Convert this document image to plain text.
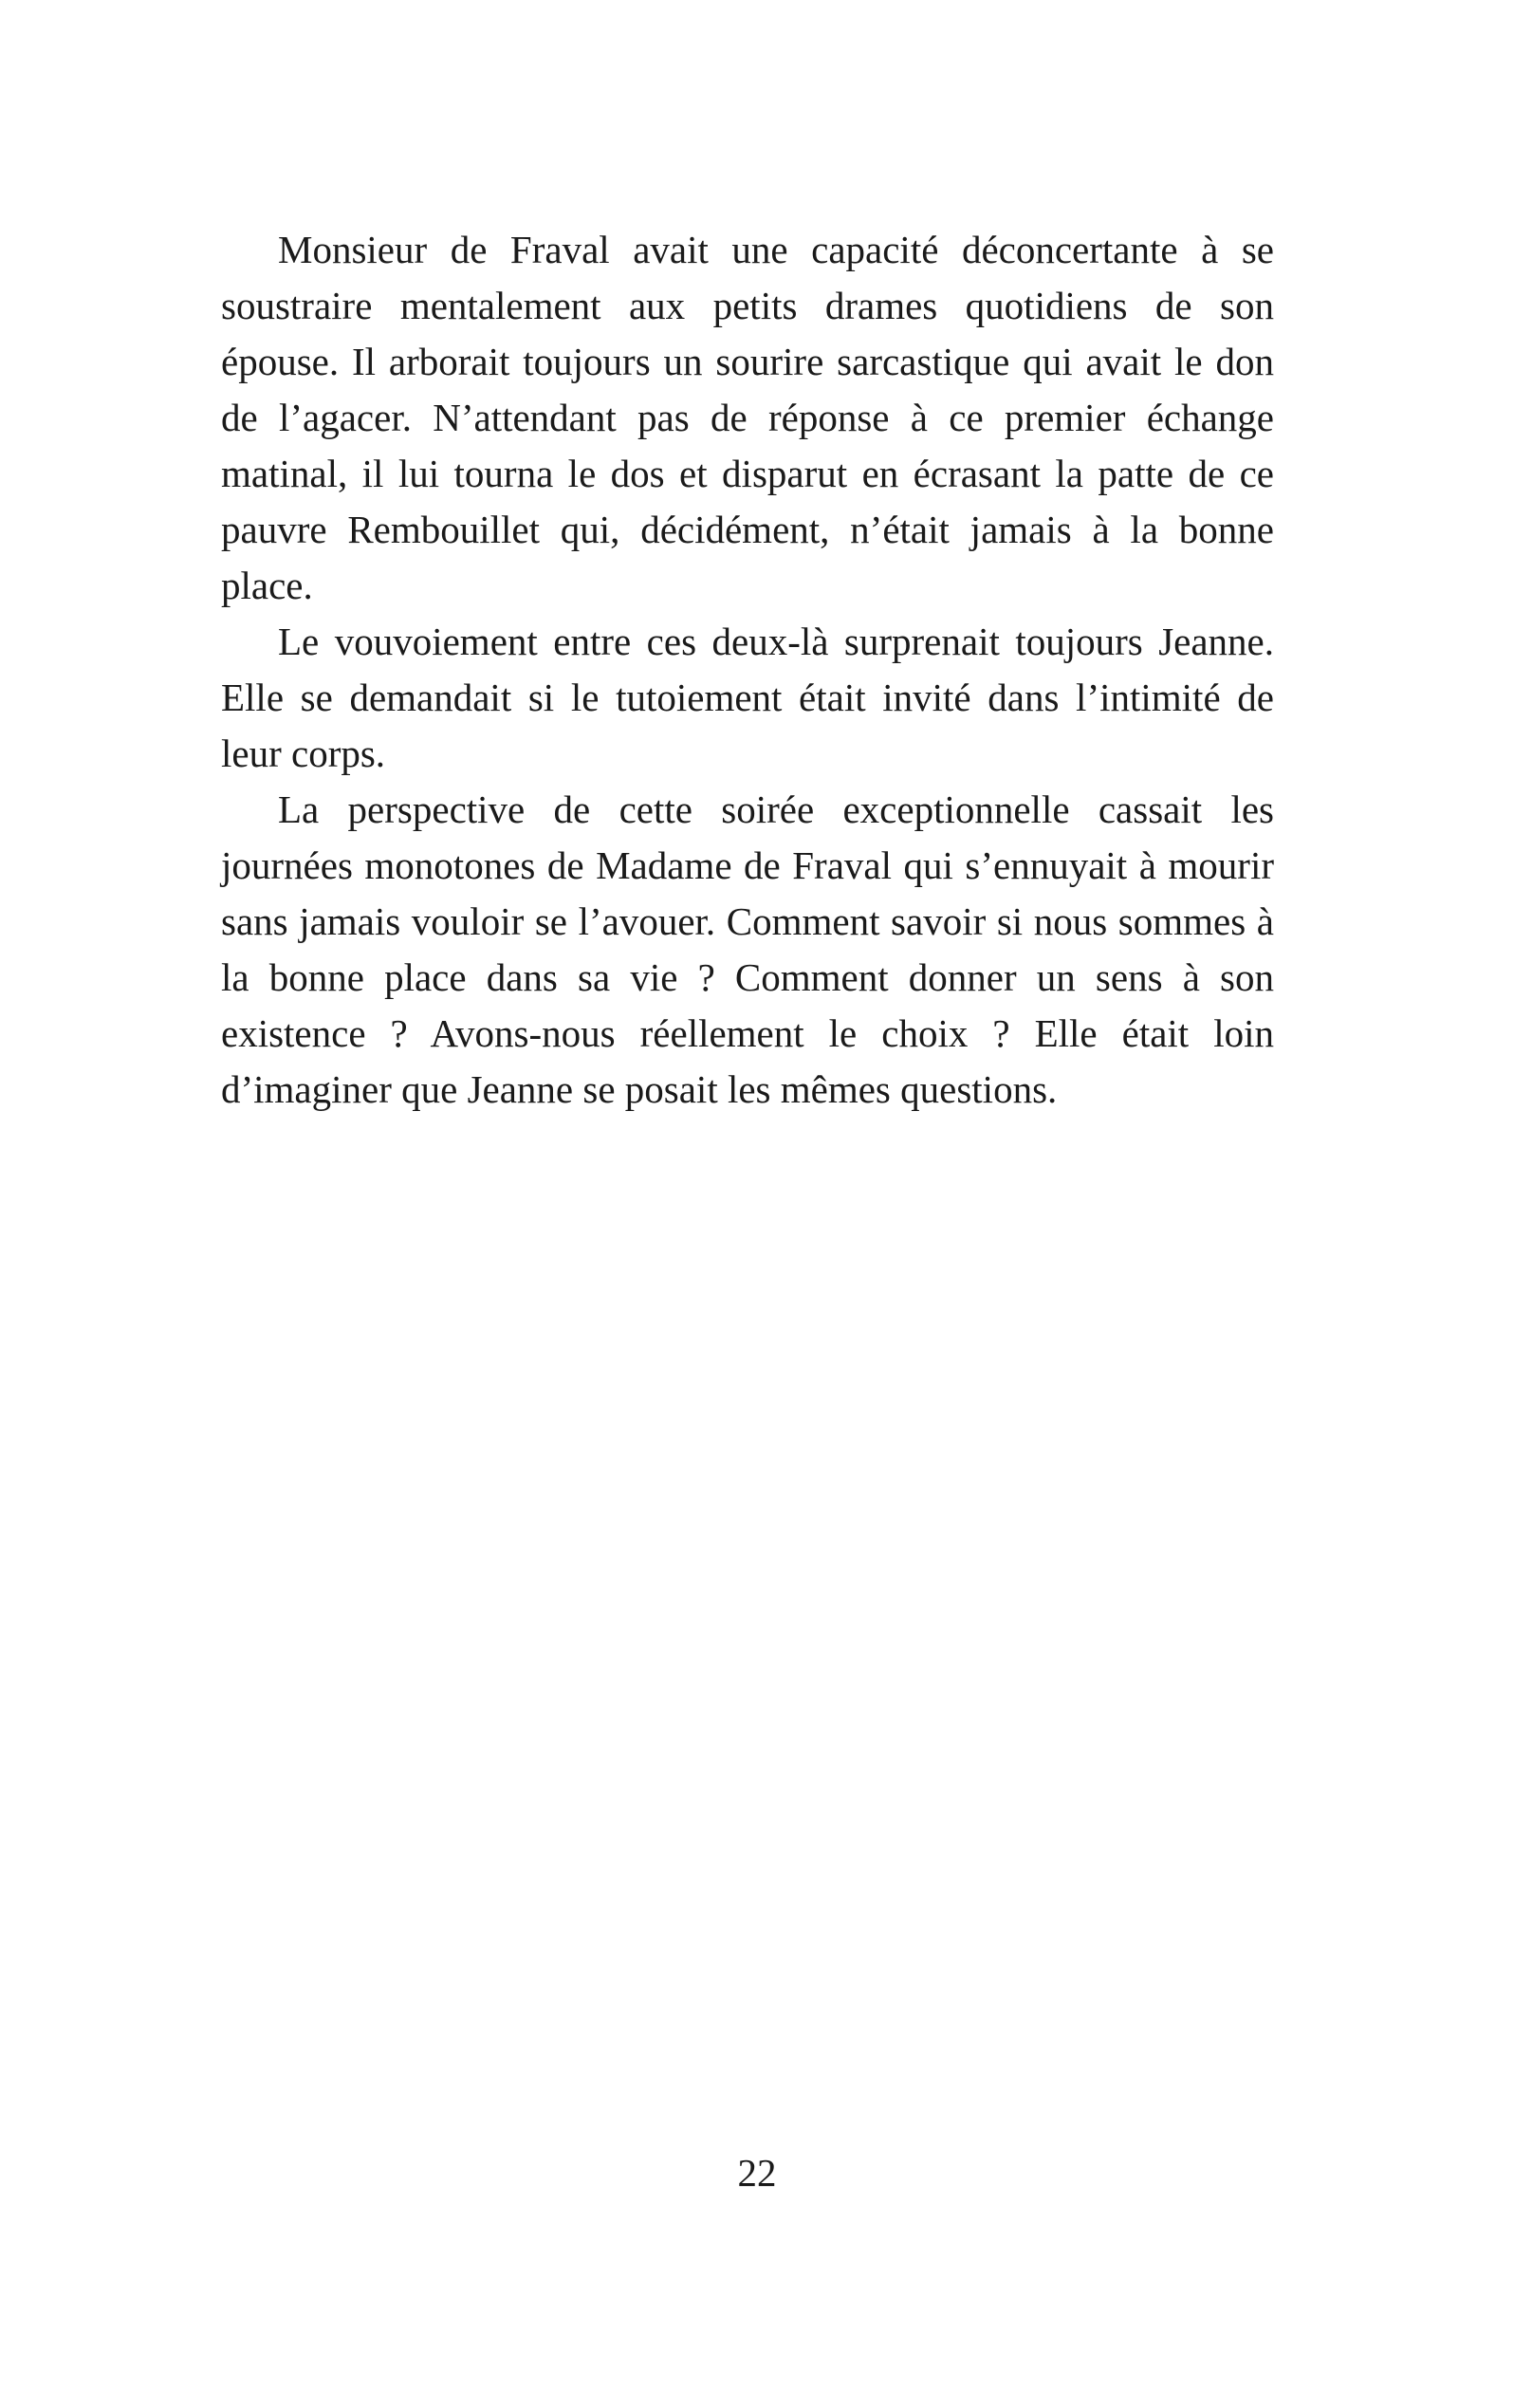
Monsieur de Fraval avait une capacité déconcertante à se soustraire mentalement aux petits drames quotidiens de son épouse. Il arborait toujours un sourire sarcastique qui avait le don de l’agacer. N’attendant pas de réponse à ce premier échange matinal, il lui tourna le dos et disparut en écrasant la patte de ce pauvre Rembouillet qui, décidément, n’était jamais à la bonne place.

Le vouvoiement entre ces deux-là surprenait toujours Jeanne. Elle se demandait si le tutoiement était invité dans l’intimité de leur corps.

La perspective de cette soirée exceptionnelle cassait les journées monotones de Madame de Fraval qui s’ennuyait à mourir sans jamais vouloir se l’avouer. Comment savoir si nous sommes à la bonne place dans sa vie ? Comment donner un sens à son existence ? Avons-nous réellement le choix ? Elle était loin d’imaginer que Jeanne se posait les mêmes questions.

22
